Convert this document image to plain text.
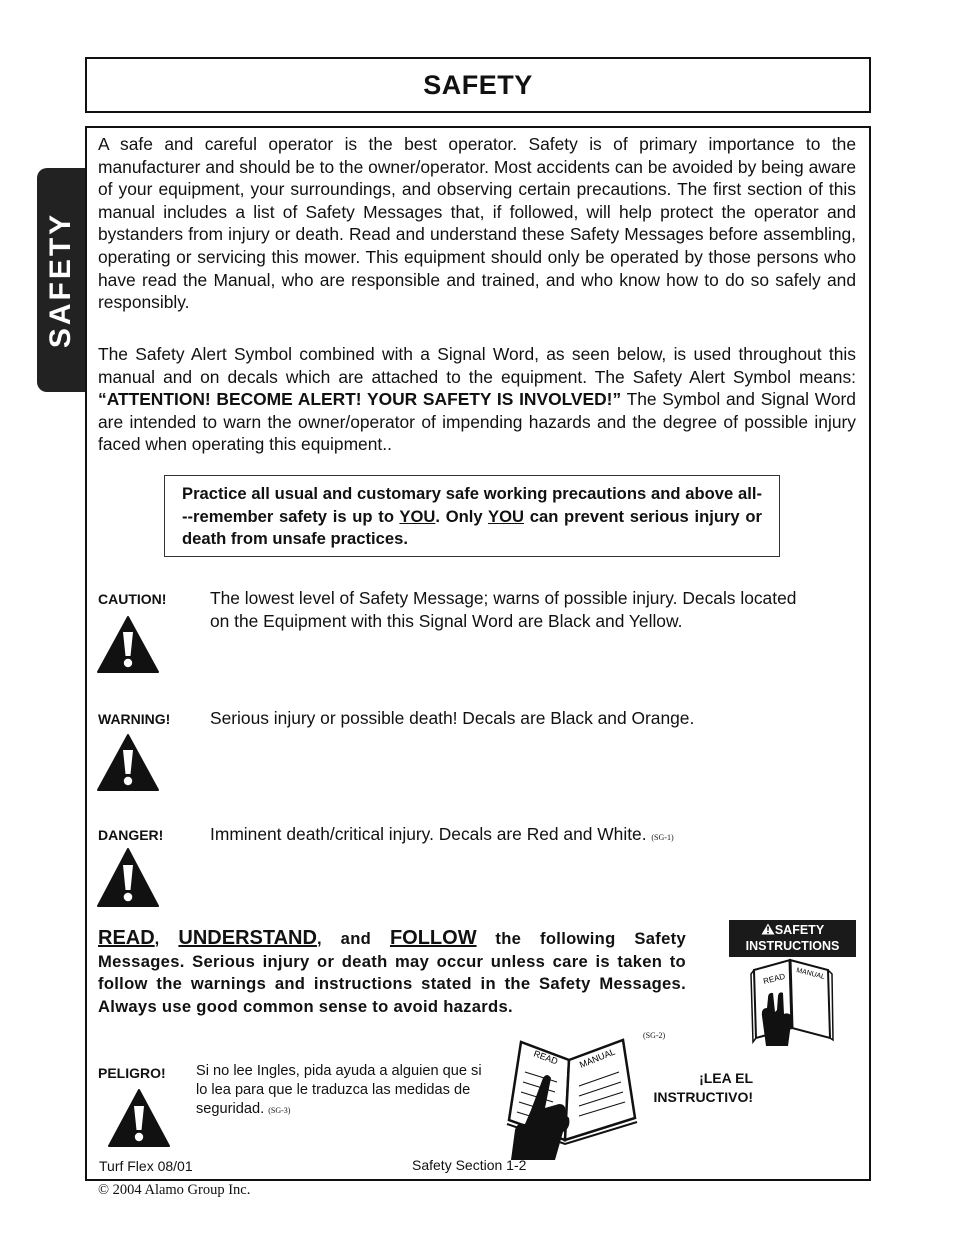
SAFETY
SAFETY

A safe and careful operator is the best operator. Safety is of primary importance to the manufacturer and should be to the owner/operator. Most accidents can be avoided by being aware of your equipment, your surroundings, and observing certain precautions. The first section of this manual includes a list of Safety Messages that, if followed, will help protect the operator and bystanders from injury or death. Read and understand these Safety Messages before assembling, operating or servicing this mower. This equipment should only be operated by those persons who have read the Manual, who are responsible and trained, and who know how to do so safely and responsibly.

The Safety Alert Symbol combined with a Signal Word, as seen below, is used throughout this manual and on decals which are attached to the equipment. The Safety Alert Symbol means: “ATTENTION! BECOME ALERT! YOUR SAFETY IS INVOLVED!” The Symbol and Signal Word are intended to warn the owner/operator of impending hazards and the degree of possible injury faced when operating this equipment..

Practice all usual and customary safe working precautions and above all---remember safety is up to YOU. Only YOU can prevent serious injury or death from unsafe practices.
CAUTION!	The lowest level of Safety Message; warns of possible injury. Decals located on the Equipment with this Signal Word are Black and Yellow.
WARNING! Serious injury or possible death! Decals are Black and Orange.
DANGER!	Imminent death/critical injury. Decals are Red and White. (SG-1)
READ, UNDERSTAND, and FOLLOW the following Safety Messages. Serious injury or death may occur unless care is taken to follow the warnings and instructions stated in the Safety Messages. Always use good common sense to avoid hazards.
SAFETY
INSTRUCTIONS
READ MANUAL
(SG-2)
PELIGRO! Si no lee Ingles, pida ayuda a alguien que si lo lea para que le traduzca las medidas de seguridad. (SG-3)
READ MANUAL
¡LEA EL
INSTRUCTIVO!
Turf Flex 08/01	Safety Section 1-2
© 2004 Alamo Group Inc.
